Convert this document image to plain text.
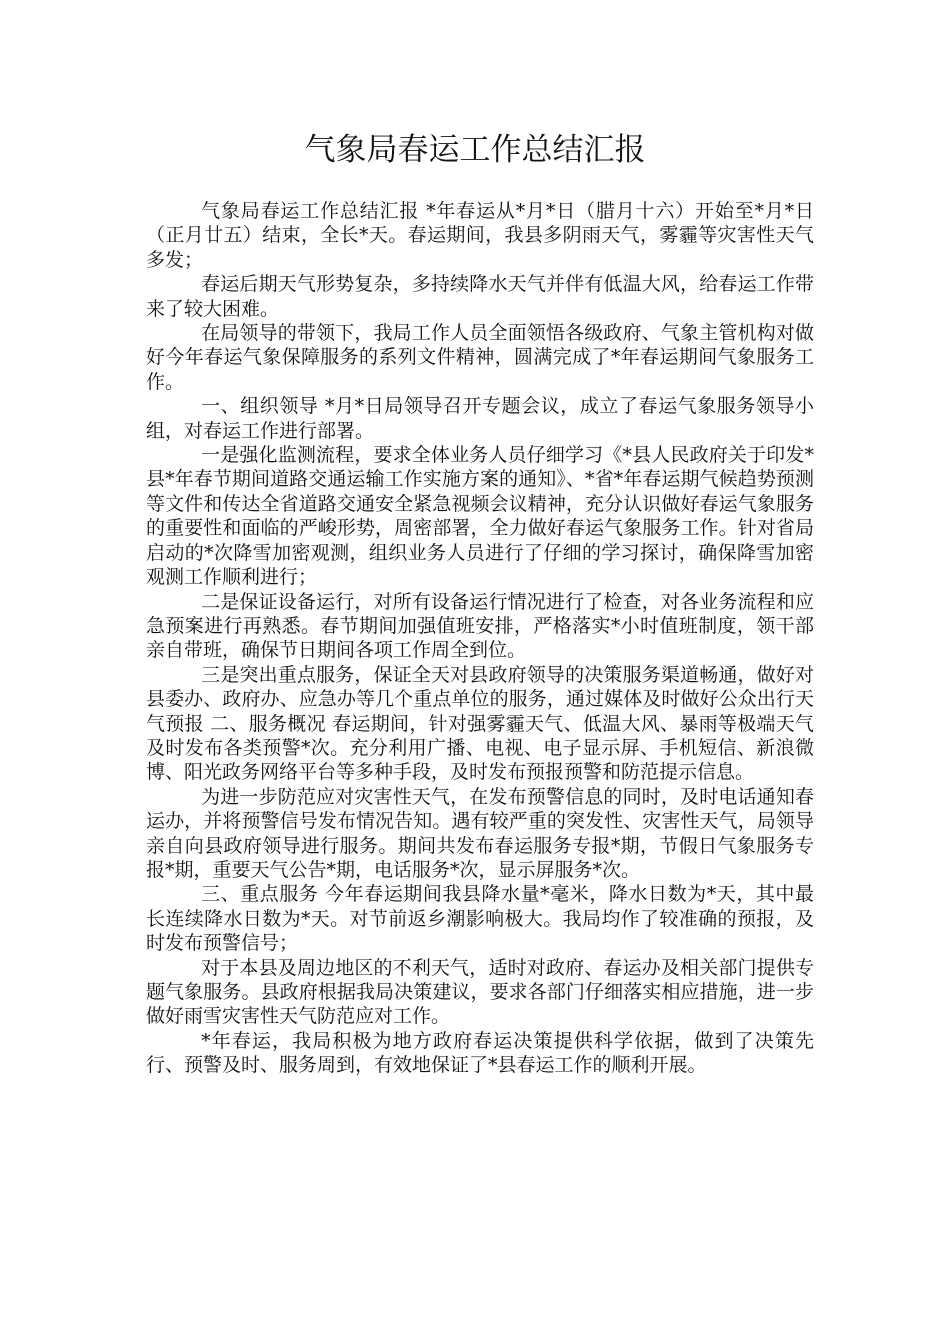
气象局春运工作总结汇报

气象局春运工作总结汇报 *年春运从*月*日（腊月十六）开始至*月*日（正月廿五）结束，全长*天。春运期间，我县多阴雨天气，雾霾等灾害性天气多发；

春运后期天气形势复杂，多持续降水天气并伴有低温大风，给春运工作带来了较大困难。

在局领导的带领下，我局工作人员全面领悟各级政府、气象主管机构对做好今年春运气象保障服务的系列文件精神，圆满完成了*年春运期间气象服务工作。

一、组织领导 *月*日局领导召开专题会议，成立了春运气象服务领导小组，对春运工作进行部署。

一是强化监测流程，要求全体业务人员仔细学习《*县人民政府关于印发*县*年春节期间道路交通运输工作实施方案的通知》、*省*年春运期气候趋势预测等文件和传达全省道路交通安全紧急视频会议精神，充分认识做好春运气象服务的重要性和面临的严峻形势，周密部署，全力做好春运气象服务工作。针对省局启动的*次降雪加密观测，组织业务人员进行了仔细的学习探讨，确保降雪加密观测工作顺利进行；

二是保证设备运行，对所有设备运行情况进行了检查，对各业务流程和应急预案进行再熟悉。春节期间加强值班安排，严格落实*小时值班制度，领干部亲自带班，确保节日期间各项工作周全到位。

三是突出重点服务，保证全天对县政府领导的决策服务渠道畅通，做好对县委办、政府办、应急办等几个重点单位的服务，通过媒体及时做好公众出行天气预报 二、服务概况 春运期间，针对强雾霾天气、低温大风、暴雨等极端天气及时发布各类预警*次。充分利用广播、电视、电子显示屏、手机短信、新浪微博、阳光政务网络平台等多种手段，及时发布预报预警和防范提示信息。

为进一步防范应对灾害性天气，在发布预警信息的同时，及时电话通知春运办，并将预警信号发布情况告知。遇有较严重的突发性、灾害性天气，局领导亲自向县政府领导进行服务。期间共发布春运服务专报*期，节假日气象服务专报*期，重要天气公告*期，电话服务*次，显示屏服务*次。

三、重点服务 今年春运期间我县降水量*毫米，降水日数为*天，其中最长连续降水日数为*天。对节前返乡潮影响极大。我局均作了较准确的预报，及时发布预警信号；

对于本县及周边地区的不利天气，适时对政府、春运办及相关部门提供专题气象服务。县政府根据我局决策建议，要求各部门仔细落实相应措施，进一步做好雨雪灾害性天气防范应对工作。

*年春运，我局积极为地方政府春运决策提供科学依据，做到了决策先行、预警及时、服务周到，有效地保证了*县春运工作的顺利开展。
